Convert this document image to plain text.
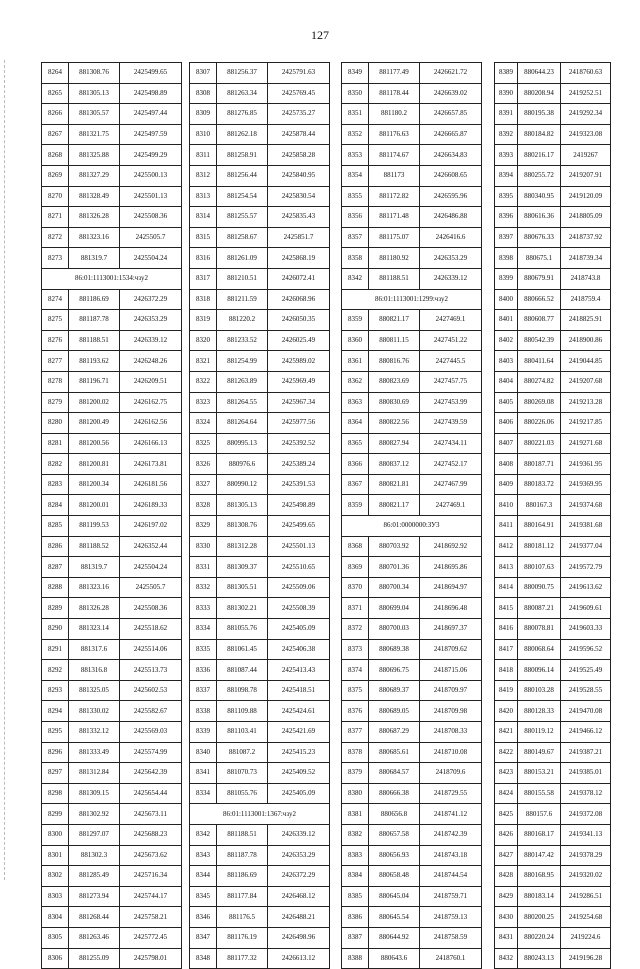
127
8264	881308.76	2425499.65
8265	881305.13	2425498.89
8266	881305.57	2425497.44
8267	881321.75	2425497.59
8268	881325.88	2425499.29
8269	881327.29	2425500.13
8270	881328.49	2425501.13
8271	881326.28	2425508.36
8272	881323.16	2425505.7
8273	881319.7	2425504.24
86:01:1113001:1534:чзу2		
8274	881186.69	2426372.29
8275	881187.78	2426353.29
8276	881188.51	2426339.12
8277	881193.62	2426248.26
8278	881196.71	2426209.51
8279	881200.02	2426162.75
8280	881200.49	2426162.56
8281	881200.56	2426166.13
8282	881200.81	2426173.81
8283	881200.34	2426181.56
8284	881200.01	2426189.33
8285	881199.53	2426197.02
8286	881188.52	2426352.44
8287	881319.7	2425504.24
8288	881323.16	2425505.7
8289	881326.28	2425508.36
8290	881323.14	2425518.62
8291	881317.6	2425514.06
8292	881316.8	2425513.73
8293	881325.05	2425602.53
8294	881330.02	2425582.67
8295	881332.12	2425569.03
8296	881333.49	2425574.99
8297	881312.84	2425642.39
8298	881309.15	2425654.44
8299	881302.92	2425673.11
8300	881297.07	2425688.23
8301	881302.3	2425673.62
8302	881285.49	2425716.34
8303	881273.94	2425744.17
8304	881268.44	2425758.21
8305	881263.46	2425772.45
8306	881255.09	2425798.01
8307	881256.37	2425791.63
8308	881263.34	2425769.45
8309	881276.85	2425735.27
8310	881262.18	2425878.44
8311	881258.91	2425858.28
8312	881256.44	2425840.95
8313	881254.54	2425830.54
8314	881255.57	2425835.43
8315	881258.67	2425851.7
8316	881261.09	2425868.19
8317	881210.51	2426072.41
8318	881211.59	2426068.96
8319	881220.2	2426050.35
8320	881233.52	2426025.49
8321	881254.99	2425989.02
8322	881263.89	2425969.49
8323	881264.55	2425967.34
8324	881264.64	2425977.56
8325	880995.13	2425392.52
8326	880976.6	2425389.24
8327	880990.12	2425391.53
8328	881305.13	2425498.89
8329	881308.76	2425499.65
8330	881312.28	2425501.13
8331	881309.37	2425510.65
8332	881305.51	2425509.06
8333	881302.21	2425508.39
8334	881055.76	2425405.09
8335	881061.45	2425406.38
8336	881087.44	2425413.43
8337	881098.78	2425418.51
8338	881109.88	2425424.61
8339	881103.41	2425421.69
8340	881087.2	2425415.23
8341	881070.73	2425409.52
8334	881055.76	2425405.09
86:01:1113001:1367:чзу2		
8342	881188.51	2426339.12
8343	881187.78	2426353.29
8344	881186.69	2426372.29
8345	881177.84	2426468.12
8346	881176.5	2426488.21
8347	881176.19	2426498.96
8348	881177.32	2426613.12
8349	881177.49	2426621.72
8350	881178.44	2426639.02
8351	881180.2	2426657.85
8352	881176.63	2426665.87
8353	881174.67	2426634.83
8354	881173	2426608.65
8355	881172.82	2426595.96
8356	881171.48	2426486.88
8357	881175.07	2426416.6
8358	881180.92	2426353.29
8342	881188.51	2426339.12
86:01:1113001:1299:чзу2		
8359	880821.17	2427469.1
8360	880811.15	2427451.22
8361	880816.76	2427445.5
8362	880823.69	2427457.75
8363	880830.69	2427453.99
8364	880822.56	2427439.59
8365	880827.94	2427434.11
8366	880837.12	2427452.17
8367	880821.81	2427467.99
8359	880821.17	2427469.1
86:01:0000000:ЗУ3		
8368	880703.92	2418692.92
8369	880701.36	2418695.86
8370	880700.34	2418694.97
8371	880699.04	2418696.48
8372	880700.03	2418697.37
8373	880689.38	2418709.62
8374	880696.75	2418715.06
8375	880689.37	2418709.97
8376	880689.05	2418709.98
8377	880687.29	2418708.33
8378	880685.61	2418710.08
8379	880684.57	2418709.6
8380	880666.38	2418729.55
8381	880656.8	2418741.12
8382	880657.58	2418742.39
8383	880656.93	2418743.18
8384	880658.48	2418744.54
8385	880645.04	2418759.71
8386	880645.54	2418759.13
8387	880644.92	2418758.59
8388	880643.6	2418760.1
8389	880644.23	2418760.63
8390	880208.94	2419252.51
8391	880195.38	2419292.34
8392	880184.82	2419323.08
8393	880216.17	2419267
8394	880255.72	2419207.91
8395	880340.95	2419120.09
8396	880616.36	2418805.09
8397	880676.33	2418737.92
8398	880675.1	2418739.34
8399	880679.91	2418743.8
8400	880666.52	2418759.4
8401	880608.77	2418825.91
8402	880542.39	2418900.86
8403	880411.64	2419044.85
8404	880274.82	2419207.68
8405	880269.08	2419213.28
8406	880226.06	2419217.85
8407	880221.03	2419271.68
8408	880187.71	2419361.95
8409	880183.72	2419369.95
8410	880167.3	2419374.68
8411	880164.91	2419381.68
8412	880181.12	2419377.04
8413	880107.63	2419572.79
8414	880090.75	2419613.62
8415	880087.21	2419609.61
8416	880078.81	2419603.33
8417	880068.64	2419596.52
8418	880096.14	2419525.49
8419	880103.28	2419528.55
8420	880128.33	2419470.08
8421	880119.12	2419466.12
8422	880149.67	2419387.21
8423	880153.21	2419385.01
8424	880155.58	2419378.12
8425	880157.6	2419372.08
8426	880168.17	2419341.13
8427	880147.42	2419378.29
8428	880168.95	2419320.02
8429	880183.14	2419286.51
8430	880200.25	2419254.68
8431	880220.24	2419224.6
8432	880243.13	2419196.28
